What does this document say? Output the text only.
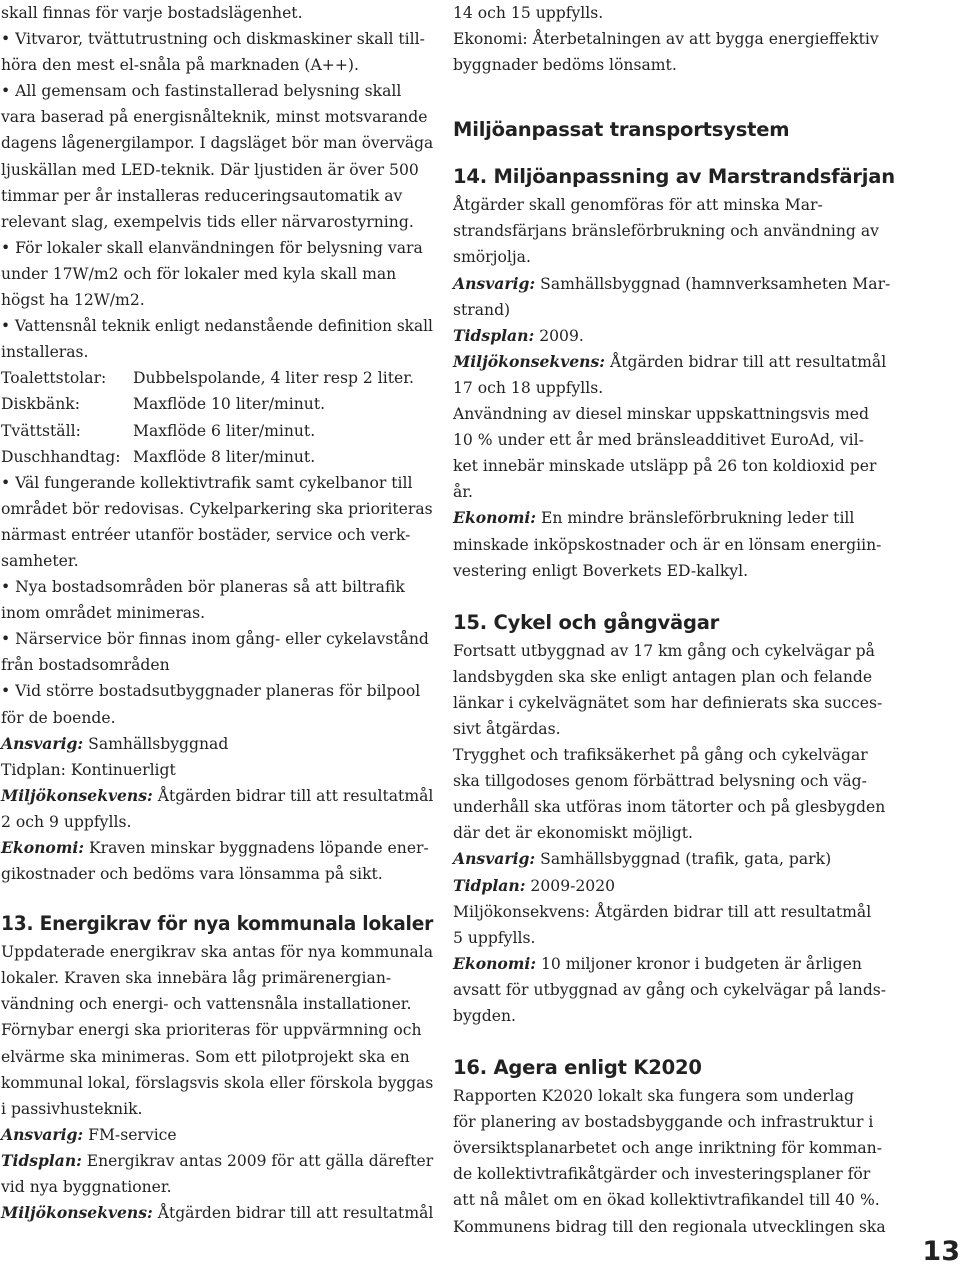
skall finnas för varje bostadslägenhet.
• Vitvaror, tvättutrustning och diskmaskiner skall till-
höra den mest el-snåla på marknaden (A++).
• All gemensam och fastinstallerad belysning skall
vara baserad på energisnålteknik, minst motsvarande
dagens lågenergilampor. I dagsläget bör man överväga
ljuskällan med LED-teknik. Där ljustiden är över 500
timmar per år installeras reduceringsautomatik av
relevant slag, exempelvis tids eller närvarostyrning.
• För lokaler skall elanvändningen för belysning vara
under 17W/m2 och för lokaler med kyla skall man
högst ha 12W/m2.
• Vattensnål teknik enligt nedanstående definition skall
installeras.
Toalettstolar: Dubbelspolande, 4 liter resp 2 liter.
Diskbänk:	Maxflöde 10 liter/minut.
Tvättställ:	Maxflöde 6 liter/minut.
Duschhandtag: Maxflöde 8 liter/minut.
• Väl fungerande kollektivtrafik samt cykelbanor till
området bör redovisas. Cykelparkering ska prioriteras
närmast entréer utanför bostäder, service och verk-
samheter.
• Nya bostadsområden bör planeras så att biltrafik
inom området minimeras.
• Närservice bör finnas inom gång- eller cykelavstånd
från bostadsområden
• Vid större bostadsutbyggnader planeras för bilpool
för de boende.
Ansvarig: Samhällsbyggnad
Tidplan: Kontinuerligt
Miljökonsekvens: Åtgärden bidrar till att resultatmål
2 och 9 uppfylls.
Ekonomi: Kraven minskar byggnadens löpande ener-
gikostnader och bedöms vara lönsamma på sikt.
13. Energikrav för nya kommunala lokaler
Uppdaterade energikrav ska antas för nya kommunala
lokaler. Kraven ska innebära låg primärenergian-
vändning och energi- och vattensnåla installationer.
Förnybar energi ska prioriteras för uppvärmning och
elvärme ska minimeras. Som ett pilotprojekt ska en
kommunal lokal, förslagsvis skola eller förskola byggas
i passivhusteknik.
Ansvarig: FM-service
Tidsplan: Energikrav antas 2009 för att gälla därefter
vid nya byggnationer.
Miljökonsekvens: Åtgärden bidrar till att resultatmål
14 och 15 uppfylls.
Ekonomi: Återbetalningen av att bygga energieffektiv
byggnader bedöms lönsamt.
Miljöanpassat transportsystem
14. Miljöanpassning av Marstrandsfärjan
Åtgärder skall genomföras för att minska Mar-
strandsfärjans bränsleförbrukning och användning av
smörjolja.
Ansvarig: Samhällsbyggnad (hamnverksamheten Mar-
strand)
Tidsplan: 2009.
Miljökonsekvens: Åtgärden bidrar till att resultatmål
17 och 18 uppfylls.
Användning av diesel minskar uppskattningsvis med
10 % under ett år med bränsleadditivet EuroAd, vil-
ket innebär minskade utsläpp på 26 ton koldioxid per
år.
Ekonomi: En mindre bränsleförbrukning leder till
minskade inköpskostnader och är en lönsam energiin-
vestering enligt Boverkets ED-kalkyl.
15. Cykel och gångvägar
Fortsatt utbyggnad av 17 km gång och cykelvägar på
landsbygden ska ske enligt antagen plan och felande
länkar i cykelvägnätet som har definierats ska succes-
sivt åtgärdas.
Trygghet och trafiksäkerhet på gång och cykelvägar
ska tillgodoses genom förbättrad belysning och väg-
underhåll ska utföras inom tätorter och på glesbygden
där det är ekonomiskt möjligt.
Ansvarig: Samhällsbyggnad (trafik, gata, park)
Tidplan: 2009-2020
Miljökonsekvens: Åtgärden bidrar till att resultatmål
5 uppfylls.
Ekonomi: 10 miljoner kronor i budgeten är årligen
avsatt för utbyggnad av gång och cykelvägar på lands-
bygden.
16. Agera enligt K2020
Rapporten K2020 lokalt ska fungera som underlag
för planering av bostadsbyggande och infrastruktur i
översiktsplanarbetet och ange inriktning för komman-
de kollektivtrafikåtgärder och investeringsplaner för
att nå målet om en ökad kollektivtrafikandel till 40 %.
Kommunens bidrag till den regionala utvecklingen ska
13
